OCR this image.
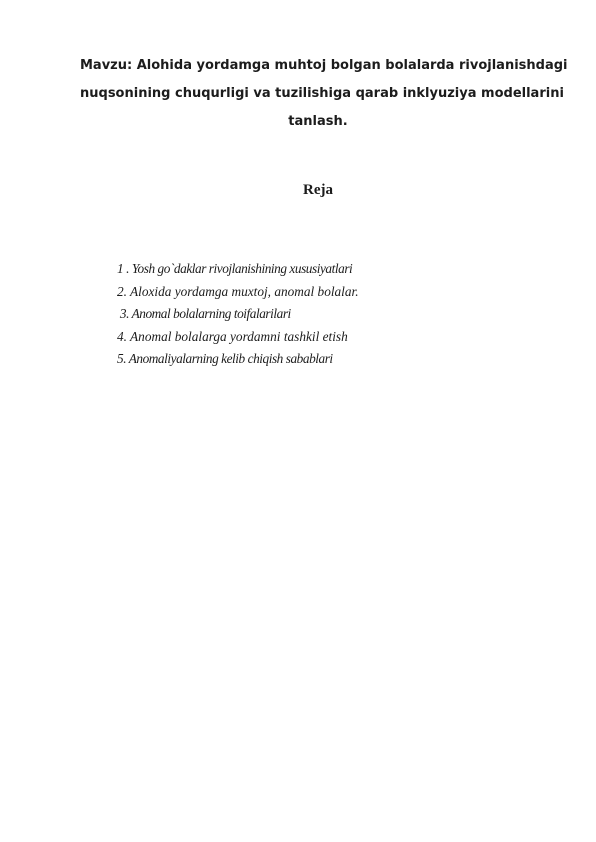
Mavzu: Alohida yordamga muhtoj bolgan bolalarda rivojlanishdagi
nuqsonining chuqurligi va tuzilishiga qarab inklyuziya modellarini
tanlash.
Reja
1 . Yosh go`daklar rivojlanishining xususiyatlari
2. Aloxida yordamga muxtoj, anomal bolalar.
3. Anomal bolalarning toifalarilari
4. Anomal bolalarga yordamni tashkil etish
5. Anomaliyalarning kelib chiqish sabablari
